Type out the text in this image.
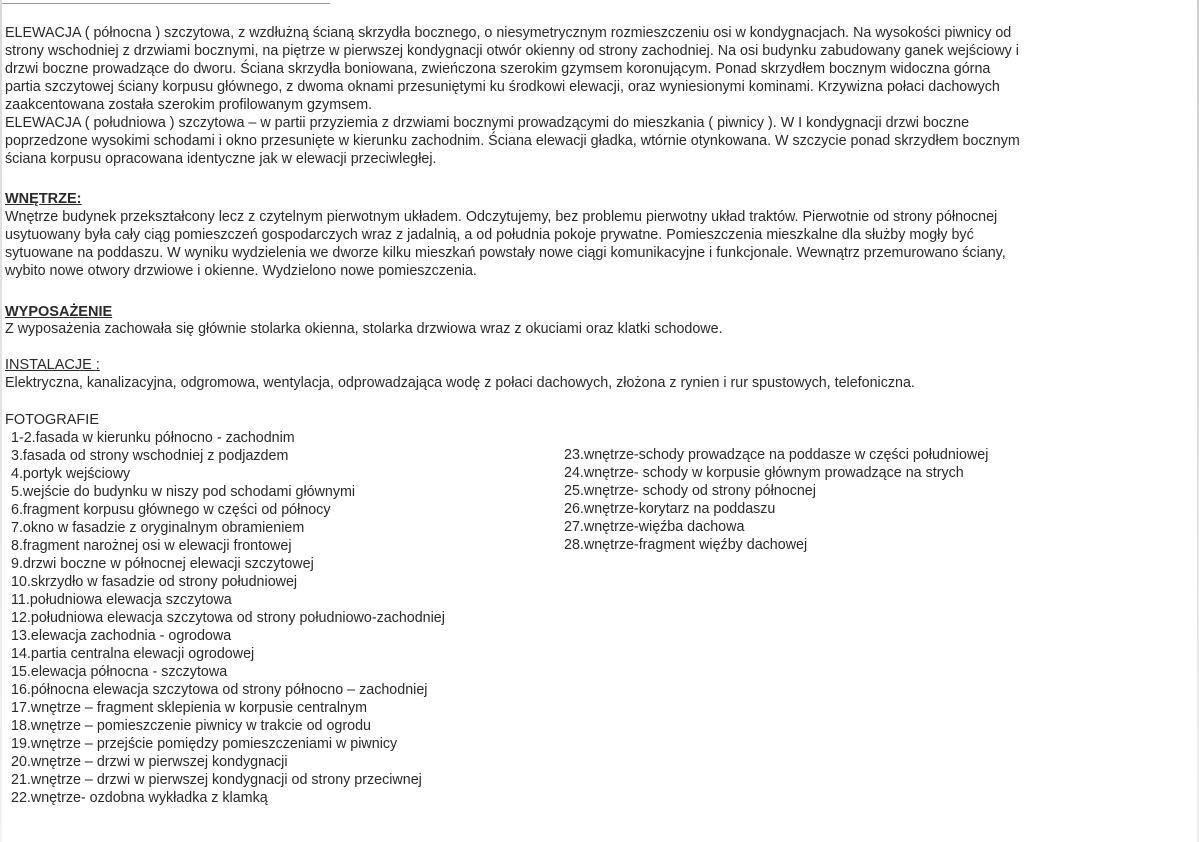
ELEWACJA ( północna ) szczytowa, z wzdłużną ścianą skrzydła bocznego, o niesymetrycznym rozmieszczeniu osi w kondygnacjach. Na wysokości piwnicy od
strony wschodniej z drzwiami bocznymi, na piętrze w pierwszej kondygnacji otwór okienny od strony zachodniej. Na osi budynku zabudowany ganek wejściowy i
drzwi boczne prowadzące do dworu. Ściana skrzydła boniowana, zwieńczona szerokim gzymsem koronującym. Ponad skrzydłem bocznym widoczna górna
partia szczytowej ściany korpusu głównego, z dwoma oknami przesuniętymi ku środkowi elewacji, oraz wyniesionymi kominami. Krzywizna połaci dachowych
zaakcentowana została szerokim profilowanym gzymsem.
ELEWACJA ( południowa ) szczytowa – w partii przyziemia z drzwiami bocznymi prowadzącymi do mieszkania ( piwnicy ). W I kondygnacji drzwi boczne
poprzedzone wysokimi schodami i okno przesunięte w kierunku zachodnim. Ściana elewacji gładka, wtórnie otynkowana. W szczycie ponad skrzydłem bocznym
ściana korpusu opracowana identyczne jak w elewacji przeciwległej.
WNĘTRZE:
Wnętrze budynek przekształcony lecz z czytelnym pierwotnym układem. Odczytujemy, bez problemu pierwotny układ traktów. Pierwotnie od strony północnej
usytuowany była cały ciąg pomieszczeń gospodarczych wraz z jadalnią, a od południa pokoje prywatne. Pomieszczenia mieszkalne dla służby mogły być
sytuowane na poddaszu. W wyniku wydzielenia we dworze kilku mieszkań powstały nowe ciągi komunikacyjne i funkcjonale. Wewnątrz przemurowano ściany,
wybito nowe otwory drzwiowe i okienne. Wydzielono nowe pomieszczenia.
WYPOSAŻENIE
Z wyposażenia zachowała się głównie stolarka okienna, stolarka drzwiowa wraz z okuciami oraz klatki schodowe.
INSTALACJE :
Elektryczna, kanalizacyjna, odgromowa, wentylacja, odprowadzająca wodę z połaci dachowych, złożona z rynien i rur spustowych, telefoniczna.
FOTOGRAFIE
1-2.fasada w kierunku północno - zachodnim
3.fasada od strony wschodniej z podjazdem
4.portyk wejściowy
5.wejście do budynku w niszy pod schodami głównymi
6.fragment korpusu głównego w części od północy
7.okno w fasadzie z oryginalnym obramieniem
8.fragment narożnej osi w elewacji frontowej
9.drzwi boczne w północnej elewacji szczytowej
10.skrzydło w fasadzie od strony południowej
11.południowa elewacja szczytowa
12.południowa elewacja szczytowa od strony południowo-zachodniej
13.elewacja zachodnia - ogrodowa
14.partia centralna elewacji ogrodowej
15.elewacja północna - szczytowa
16.północna elewacja szczytowa od strony północno – zachodniej
17.wnętrze – fragment sklepienia w korpusie centralnym
18.wnętrze – pomieszczenie piwnicy w trakcie od ogrodu
19.wnętrze – przejście pomiędzy pomieszczeniami w piwnicy
20.wnętrze – drzwi w pierwszej kondygnacji
21.wnętrze – drzwi w pierwszej kondygnacji od strony przeciwnej
22.wnętrze- ozdobna wykładka z klamką
23.wnętrze-schody prowadzące na poddasze w części południowej
24.wnętrze- schody w korpusie głównym prowadzące na strych
25.wnętrze- schody od strony północnej
26.wnętrze-korytarz na poddaszu
27.wnętrze-więźba dachowa
28.wnętrze-fragment więźby dachowej
